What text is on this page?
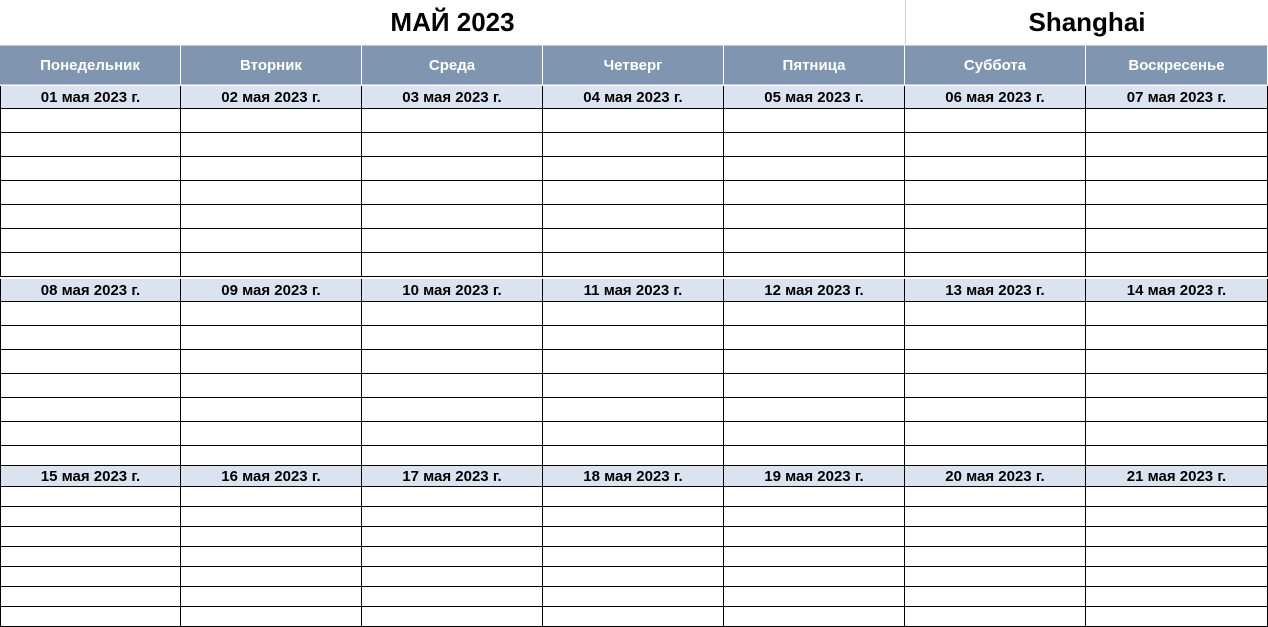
МАЙ 2023	Shanghai
Понедельник	Вторник	Среда	Четверг	Пятница	Суббота	Воскресенье
01 мая 2023 г.	02 мая 2023 г.	03 мая 2023 г.	04 мая 2023 г.	05 мая 2023 г.	06 мая 2023 г.	07 мая 2023 г.
08 мая 2023 г.	09 мая 2023 г.	10 мая 2023 г.	11 мая 2023 г.	12 мая 2023 г.	13 мая 2023 г.	14 мая 2023 г.
15 мая 2023 г.	16 мая 2023 г.	17 мая 2023 г.	18 мая 2023 г.	19 мая 2023 г.	20 мая 2023 г.	21 мая 2023 г.
